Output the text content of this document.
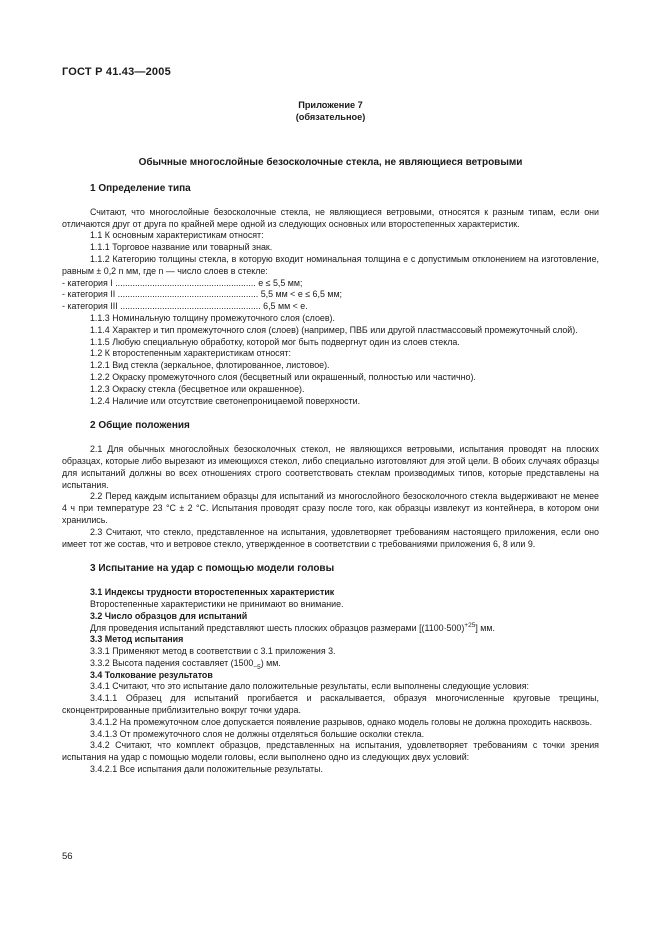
ГОСТ Р 41.43—2005
Приложение 7
(обязательное)
Обычные многослойные безосколочные стекла, не являющиеся ветровыми
1 Определение типа

Считают, что многослойные безосколочные стекла, не являющиеся ветровыми, относятся к разным типам, если они отличаются друг от друга по крайней мере одной из следующих основных или второстепенных характеристик.

1.1 К основным характеристикам относят:

1.1.1 Торговое название или товарный знак.

1.1.2 Категорию толщины стекла, в которую входит номинальная толщина e с допустимым отклонением на изготовление, равным ± 0,2 n мм, где n — число слоев в стекле:

- категория I ......................................................... e ≤ 5,5 мм;

- категория II ......................................................... 5,5 мм < e ≤ 6,5 мм;

- категория III ......................................................... 6,5 мм < e.

1.1.3 Номинальную толщину промежуточного слоя (слоев).

1.1.4 Характер и тип промежуточного слоя (слоев) (например, ПВБ или другой пластмассовый промежуточный слой).

1.1.5 Любую специальную обработку, которой мог быть подвергнут один из слоев стекла.

1.2 К второстепенным характеристикам относят:

1.2.1 Вид стекла (зеркальное, флотированное, листовое).

1.2.2 Окраску промежуточного слоя (бесцветный или окрашенный, полностью или частично).

1.2.3 Окраску стекла (бесцветное или окрашенное).

1.2.4 Наличие или отсутствие светонепроницаемой поверхности.

2 Общие положения

2.1 Для обычных многослойных безосколочных стекол, не являющихся ветровыми, испытания проводят на плоских образцах, которые либо вырезают из имеющихся стекол, либо специально изготовляют для этой цели. В обоих случаях образцы для испытаний должны во всех отношениях строго соответствовать стеклам производимых типов, которые представлены на испытания.

2.2 Перед каждым испытанием образцы для испытаний из многослойного безосколочного стекла выдерживают не менее 4 ч при температуре 23 °С ± 2 °С. Испытания проводят сразу после того, как образцы извлекут из контейнера, в котором они хранились.

2.3 Считают, что стекло, представленное на испытания, удовлетворяет требованиям настоящего приложения, если оно имеет тот же состав, что и ветровое стекло, утвержденное в соответствии с требованиями приложения 6, 8 или 9.

3 Испытание на удар с помощью модели головы

3.1 Индексы трудности второстепенных характеристик

Второстепенные характеристики не принимают во внимание.

3.2 Число образцов для испытаний

Для проведения испытаний представляют шесть плоских образцов размерами $[(1100\cdot 500)^{+25}]$ мм.

3.3 Метод испытания

3.3.1 Применяют метод в соответствии с 3.1 приложения 3.

3.3.2 Высота падения составляет $(1500_{-5})$ мм.

3.4 Толкование результатов

3.4.1 Считают, что это испытание дало положительные результаты, если выполнены следующие условия:

3.4.1.1 Образец для испытаний прогибается и раскалывается, образуя многочисленные круговые трещины, сконцентрированные приблизительно вокруг точки удара.

3.4.1.2 На промежуточном слое допускается появление разрывов, однако модель головы не должна проходить насквозь.

3.4.1.3 От промежуточного слоя не должны отделяться большие осколки стекла.

3.4.2 Считают, что комплект образцов, представленных на испытания, удовлетворяет требованиям с точки зрения испытания на удар с помощью модели головы, если выполнено одно из следующих двух условий:

3.4.2.1 Все испытания дали положительные результаты.

56
